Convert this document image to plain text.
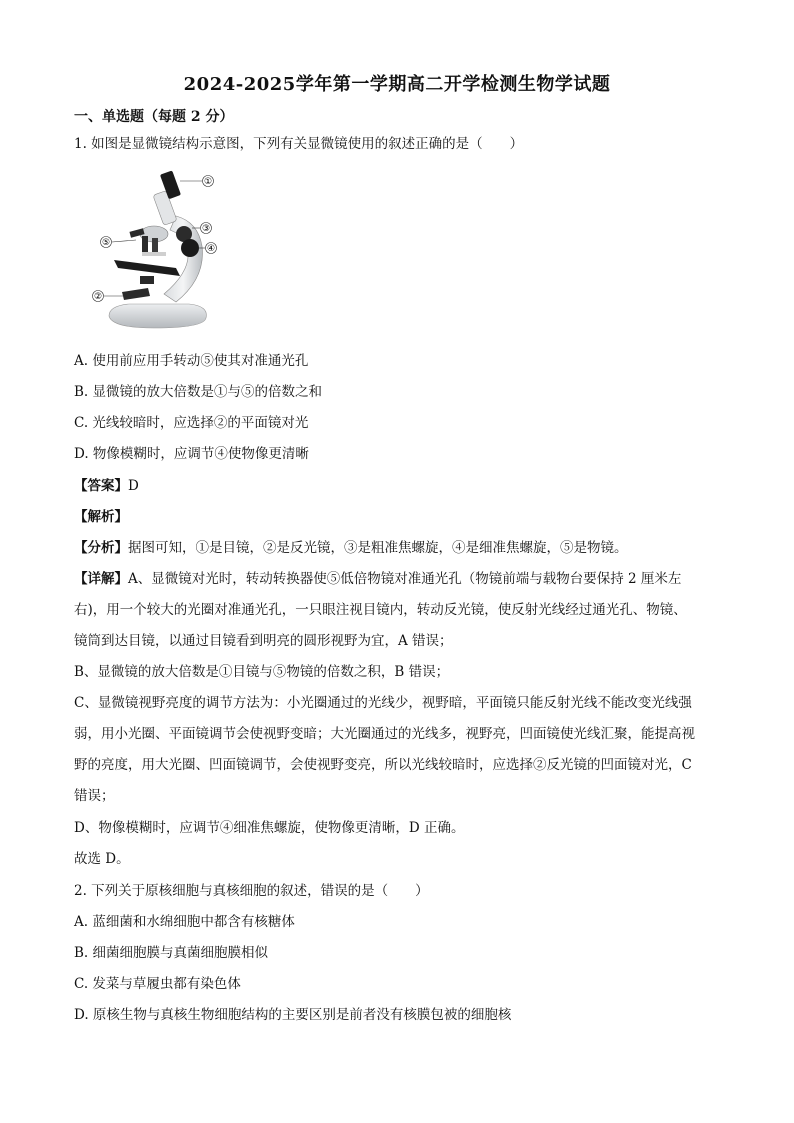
2024-2025学年第一学期高二开学检测生物学试题
一、单选题（每题 2 分）
1. 如图是显微镜结构示意图，下列有关显微镜使用的叙述正确的是（　　）
①
③
④
⑤
②
A. 使用前应用手转动⑤使其对准通光孔
B. 显微镜的放大倍数是①与⑤的倍数之和
C. 光线较暗时，应选择②的平面镜对光
D. 物像模糊时，应调节④使物像更清晰
【答案】D
【解析】
【分析】据图可知，①是目镜，②是反光镜，③是粗准焦螺旋，④是细准焦螺旋，⑤是物镜。
【详解】A、显微镜对光时，转动转换器使⑤低倍物镜对准通光孔（物镜前端与载物台要保持 2 厘米左
右)，用一个较大的光圈对准通光孔，一只眼注视目镜内，转动反光镜，使反射光线经过通光孔、物镜、
镜筒到达目镜，以通过目镜看到明亮的圆形视野为宜，A 错误；
B、显微镜的放大倍数是①目镜与⑤物镜的倍数之积，B 错误；
C、显微镜视野亮度的调节方法为：小光圈通过的光线少，视野暗，平面镜只能反射光线不能改变光线强
弱，用小光圈、平面镜调节会使视野变暗；大光圈通过的光线多，视野亮，凹面镜使光线汇聚，能提高视
野的亮度，用大光圈、凹面镜调节，会使视野变亮，所以光线较暗时，应选择②反光镜的凹面镜对光，C
错误；
D、物像模糊时，应调节④细准焦螺旋，使物像更清晰，D 正确。
故选 D。
2. 下列关于原核细胞与真核细胞的叙述，错误的是（　　）
A. 蓝细菌和水绵细胞中都含有核糖体
B. 细菌细胞膜与真菌细胞膜相似
C. 发菜与草履虫都有染色体
D. 原核生物与真核生物细胞结构的主要区别是前者没有核膜包被的细胞核
